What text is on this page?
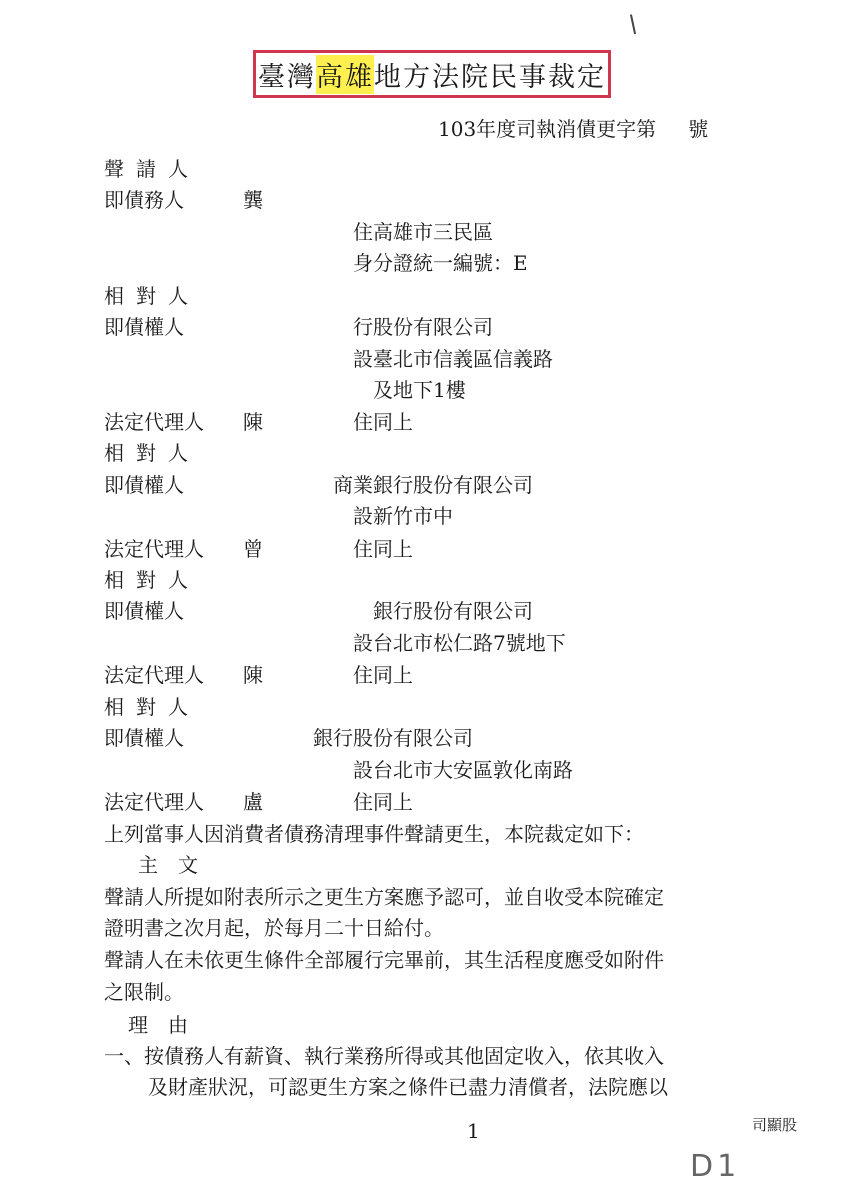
臺灣 高雄 地方法院民事裁定
103年度司執消債更字第 號
聲請人
即債務人	龔
住高雄市三民區
身分證統一編號：E
相對人
即債權人	行股份有限公司
設臺北市信義區信義路
及地下1樓
法定代理人 陳	住同上
相對人
即債權人	商業銀行股份有限公司
設新竹市中
法定代理人 曾	住同上
相對人
即債權人	銀行股份有限公司
設台北市松仁路7號地下
法定代理人 陳	住同上
相對人
即債權人	銀行股份有限公司
設台北市大安區敦化南路
法定代理人 盧	住同上
上列當事人因消費者債務清理事件聲請更生，本院裁定如下：
主　文
聲請人所提如附表所示之更生方案應予認可，並自收受本院確定
證明書之次月起，於每月二十日給付。
聲請人在未依更生條件全部履行完畢前，其生活程度應受如附件
之限制。
理　由
一、按債務人有薪資、執行業務所得或其他固定收入，依其收入
及財產狀況，可認更生方案之條件已盡力清償者，法院應以
1	司顯股
D1
